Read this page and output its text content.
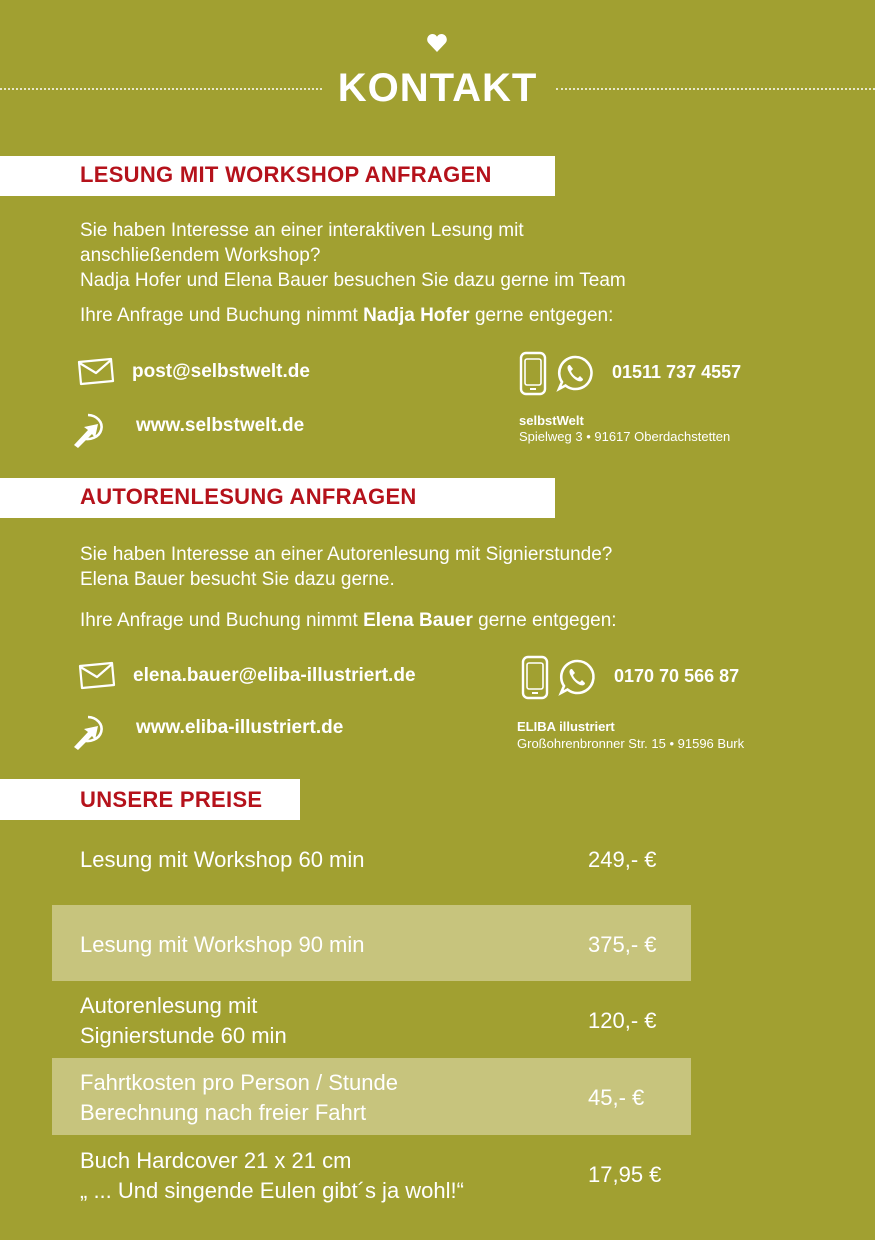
KONTAKT
LESUNG MIT WORKSHOP ANFRAGEN
Sie haben Interesse an einer interaktiven Lesung mit
anschließendem Workshop?
Nadja Hofer und Elena Bauer besuchen Sie dazu gerne im Team
Ihre Anfrage und Buchung nimmt Nadja Hofer gerne entgegen:
post@selbstwelt.de
www.selbstwelt.de
01511 737 4557
selbstWelt
Spielweg 3 • 91617 Oberdachstetten
AUTORENLESUNG ANFRAGEN
Sie haben Interesse an einer Autorenlesung mit Signierstunde?
Elena Bauer besucht Sie dazu gerne.
Ihre Anfrage und Buchung nimmt Elena Bauer gerne entgegen:
elena.bauer@eliba-illustriert.de
www.eliba-illustriert.de
0170 70 566 87
ELIBA illustriert
Großohrenbronner Str. 15 • 91596 Burk
UNSERE PREISE
Lesung mit Workshop 60 min	249,- €
Lesung mit Workshop 90 min	375,- €
Autorenlesung mit
Signierstunde 60 min
120,- €
Fahrtkosten pro Person / Stunde
Berechnung nach freier Fahrt
45,- €
Buch Hardcover 21 x 21 cm
„ ... Und singende Eulen gibt´s ja wohl!“
17,95 €
